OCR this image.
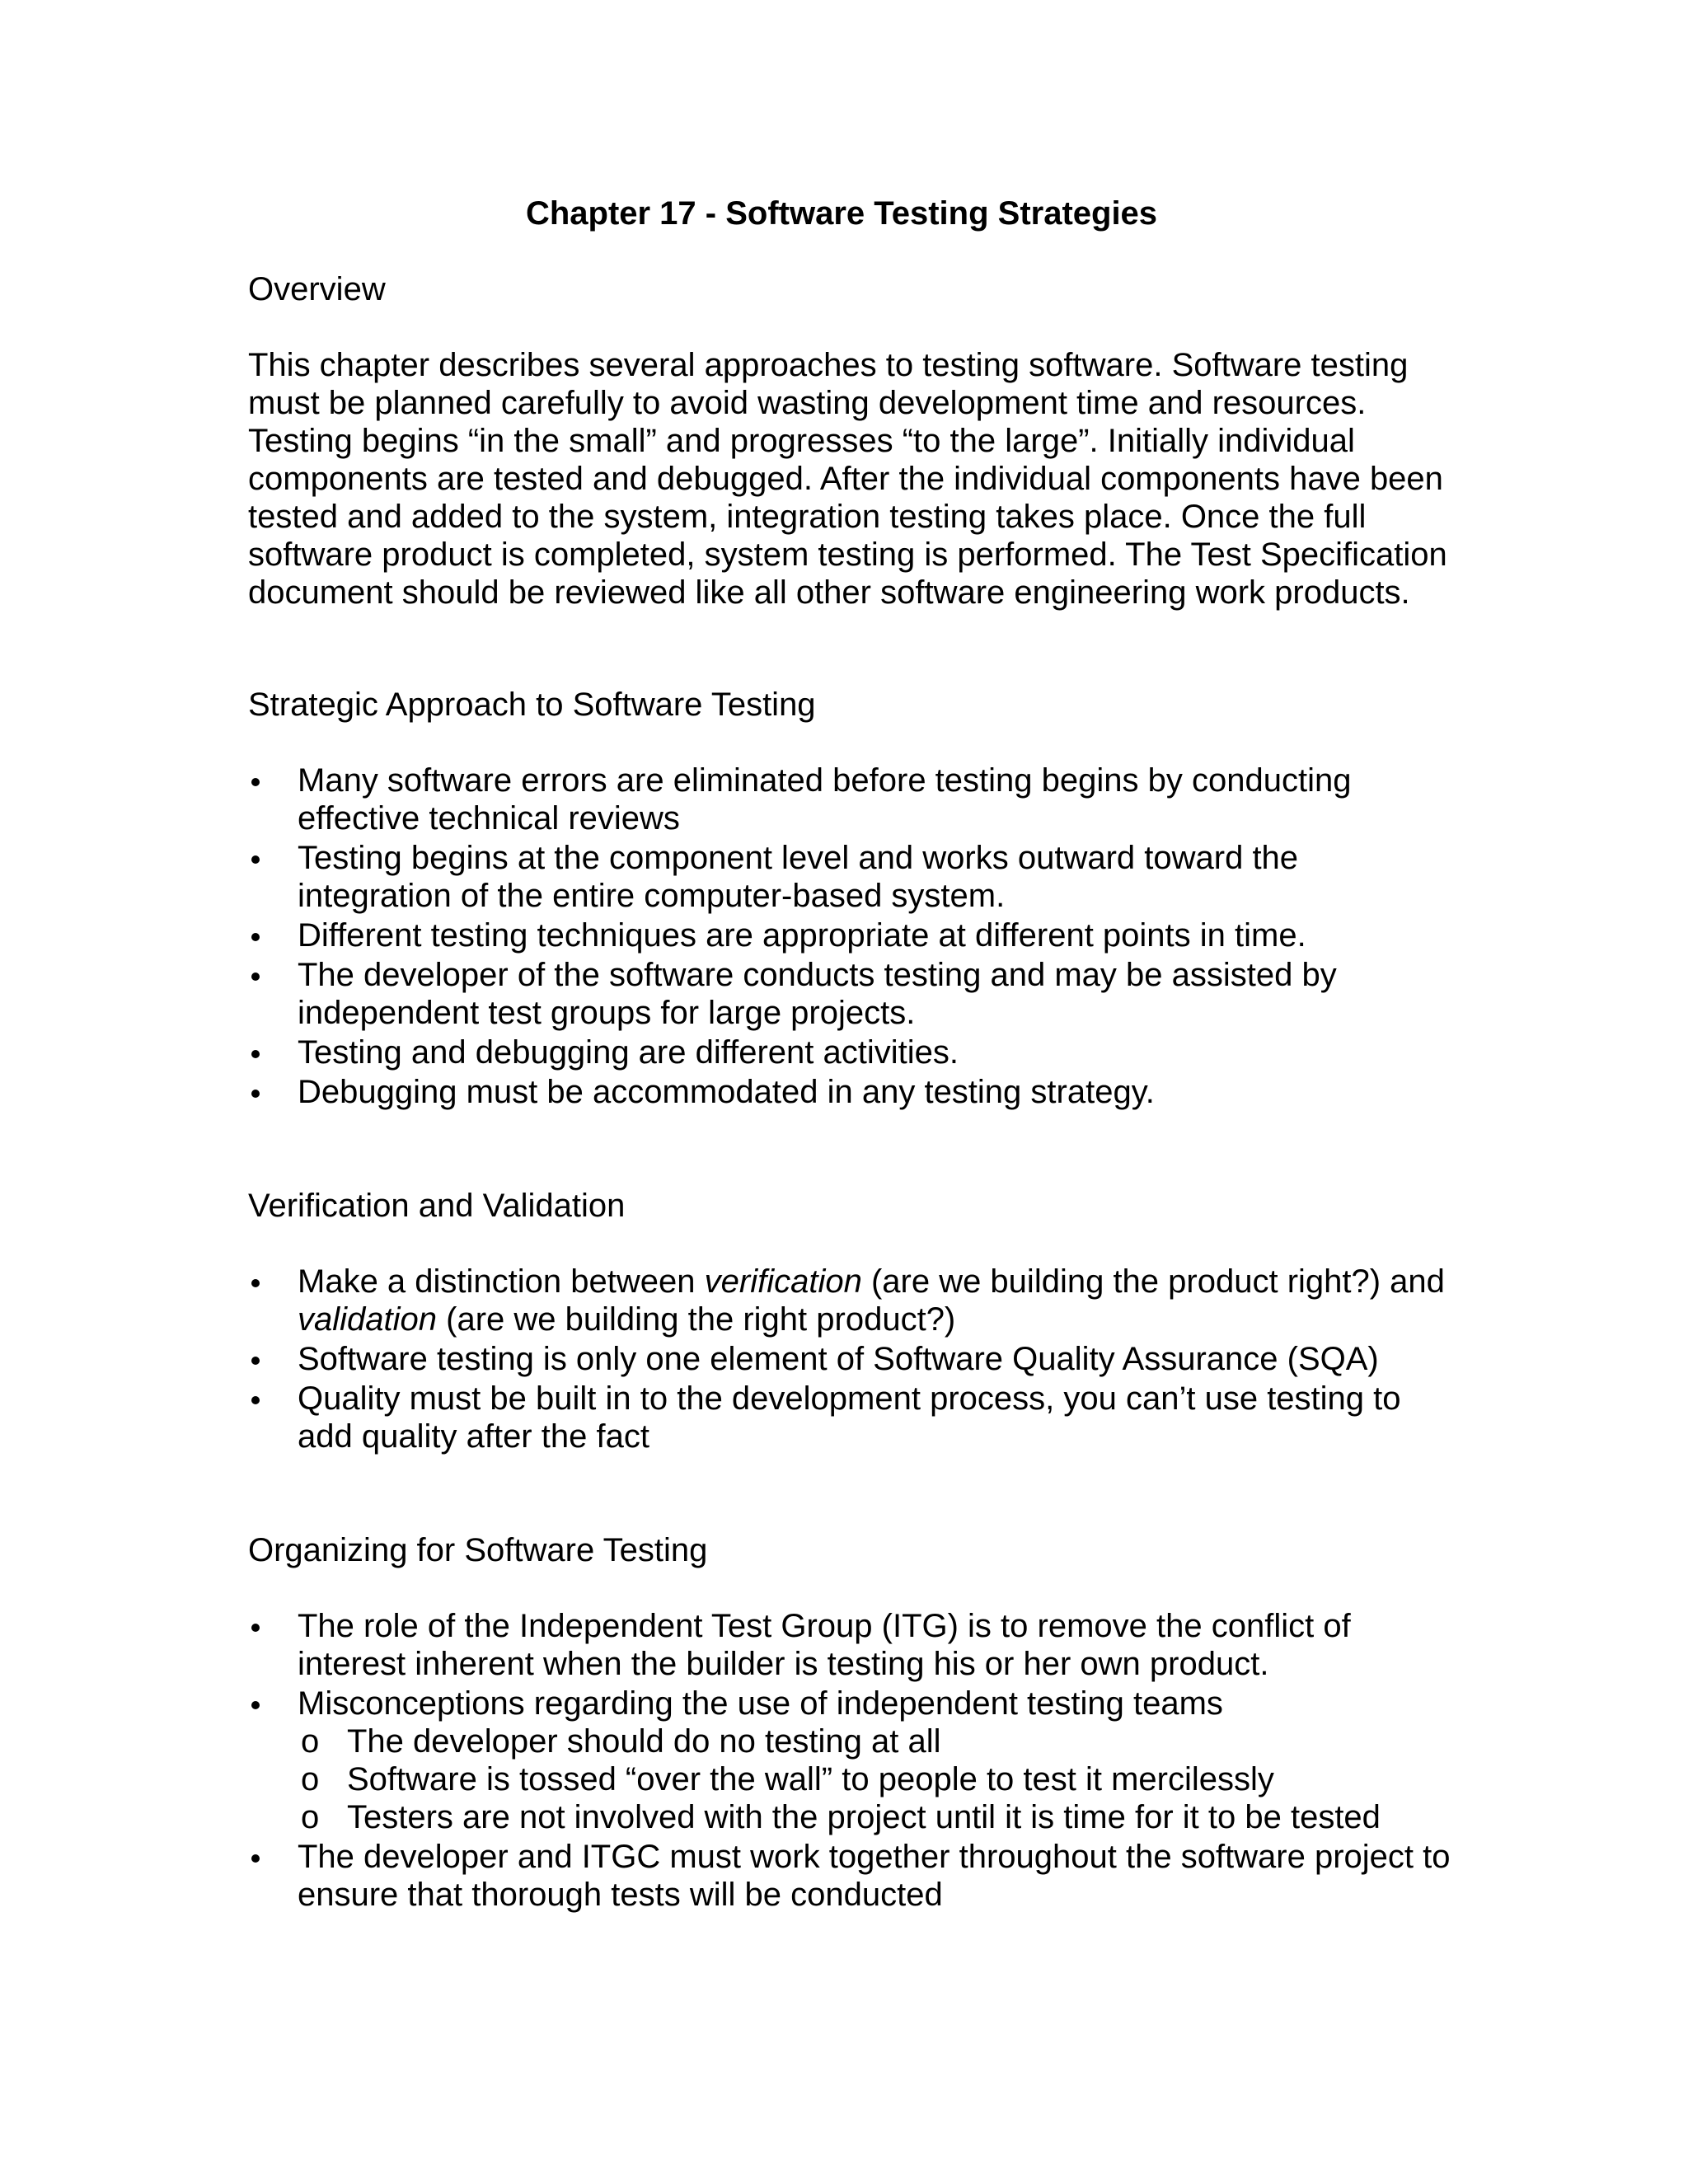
Chapter 17 - Software Testing Strategies
Overview
This chapter describes several approaches to testing software. Software testing must be planned carefully to avoid wasting development time and resources. Testing begins “in the small” and progresses “to the large”. Initially individual components are tested and debugged. After the individual components have been tested and added to the system, integration testing takes place. Once the full software product is completed, system testing is performed. The Test Specification document should be reviewed like all other software engineering work products.
Strategic Approach to Software Testing
Many software errors are eliminated before testing begins by conducting effective technical reviews
Testing begins at the component level and works outward toward the integration of the entire computer-based system.
Different testing techniques are appropriate at different points in time.
The developer of the software conducts testing and may be assisted by independent test groups for large projects.
Testing and debugging are different activities.
Debugging must be accommodated in any testing strategy.
Verification and Validation
Make a distinction between verification (are we building the product right?) and validation (are we building the right product?)
Software testing is only one element of Software Quality Assurance (SQA)
Quality must be built in to the development process, you can’t use testing to add quality after the fact
Organizing for Software Testing
The role of the Independent Test Group (ITG) is to remove the conflict of interest inherent when the builder is testing his or her own product.
Misconceptions regarding the use of independent testing teams
o The developer should do no testing at all
o Software is tossed “over the wall” to people to test it mercilessly
o Testers are not involved with the project until it is time for it to be tested
The developer and ITGC must work together throughout the software project to ensure that thorough tests will be conducted
